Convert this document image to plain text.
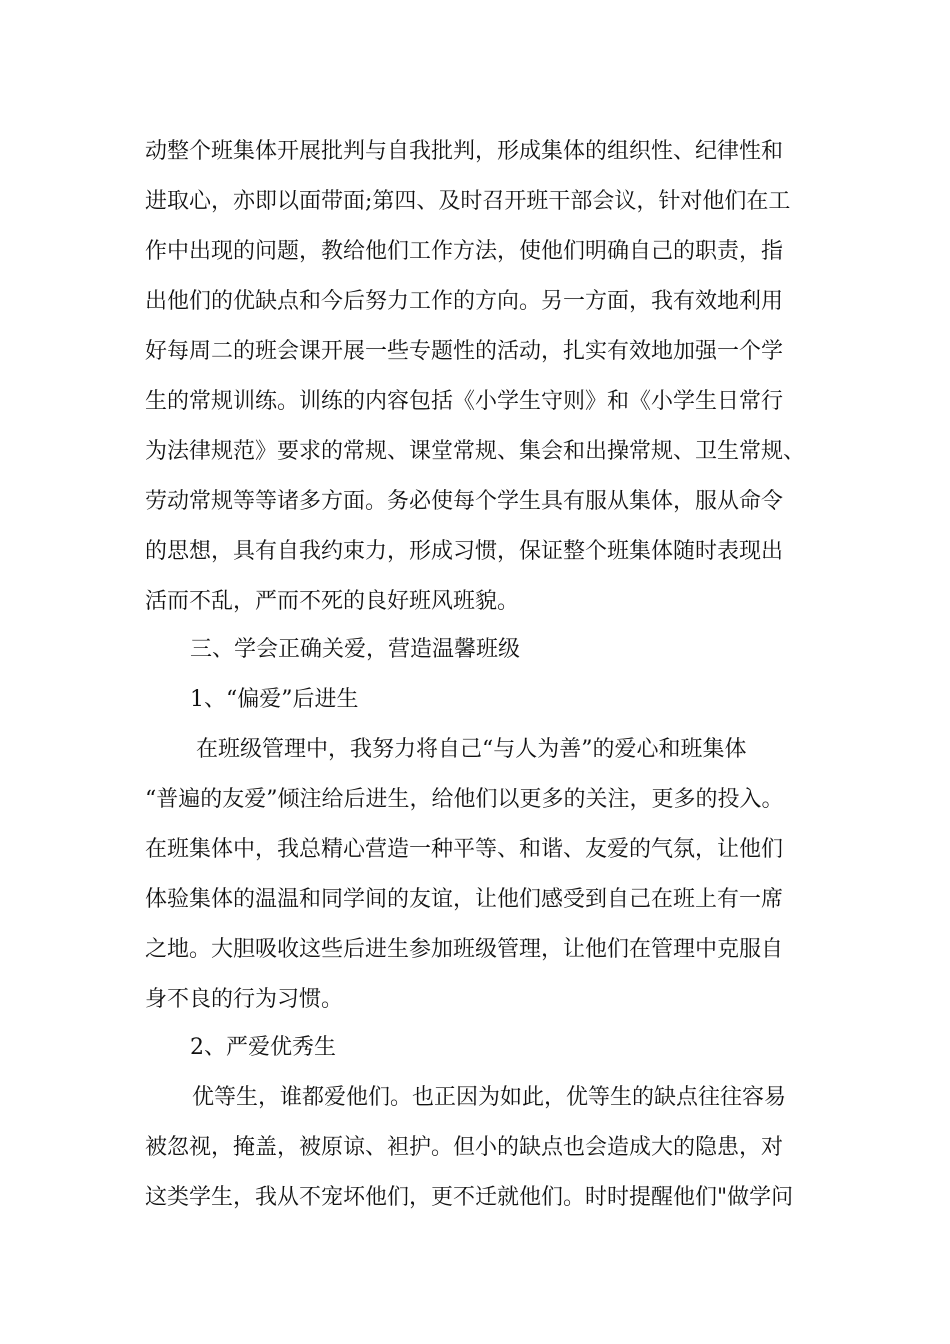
动整个班集体开展批判与自我批判，形成集体的组织性、纪律性和
进取心，亦即以面带面;第四、及时召开班干部会议，针对他们在工
作中出现的问题，教给他们工作方法，使他们明确自己的职责，指
出他们的优缺点和今后努力工作的方向。另一方面，我有效地利用
好每周二的班会课开展一些专题性的活动，扎实有效地加强一个学
生的常规训练。训练的内容包括《小学生守则》和《小学生日常行
为法律规范》要求的常规、课堂常规、集会和出操常规、卫生常规、
劳动常规等等诸多方面。务必使每个学生具有服从集体，服从命令
的思想，具有自我约束力，形成习惯，保证整个班集体随时表现出
活而不乱，严而不死的良好班风班貌。
三、学会正确关爱，营造温馨班级
1、“偏爱”后进生
在班级管理中，我努力将自己“与人为善”的爱心和班集体
“普遍的友爱”倾注给后进生，给他们以更多的关注，更多的投入。
在班集体中，我总精心营造一种平等、和谐、友爱的气氛，让他们
体验集体的温温和同学间的友谊，让他们感受到自己在班上有一席
之地。大胆吸收这些后进生参加班级管理，让他们在管理中克服自
身不良的行为习惯。
2、严爱优秀生
优等生，谁都爱他们。也正因为如此，优等生的缺点往往容易
被忽视，掩盖，被原谅、袒护。但小的缺点也会造成大的隐患，对
这类学生，我从不宠坏他们，更不迁就他们。时时提醒他们"做学问
